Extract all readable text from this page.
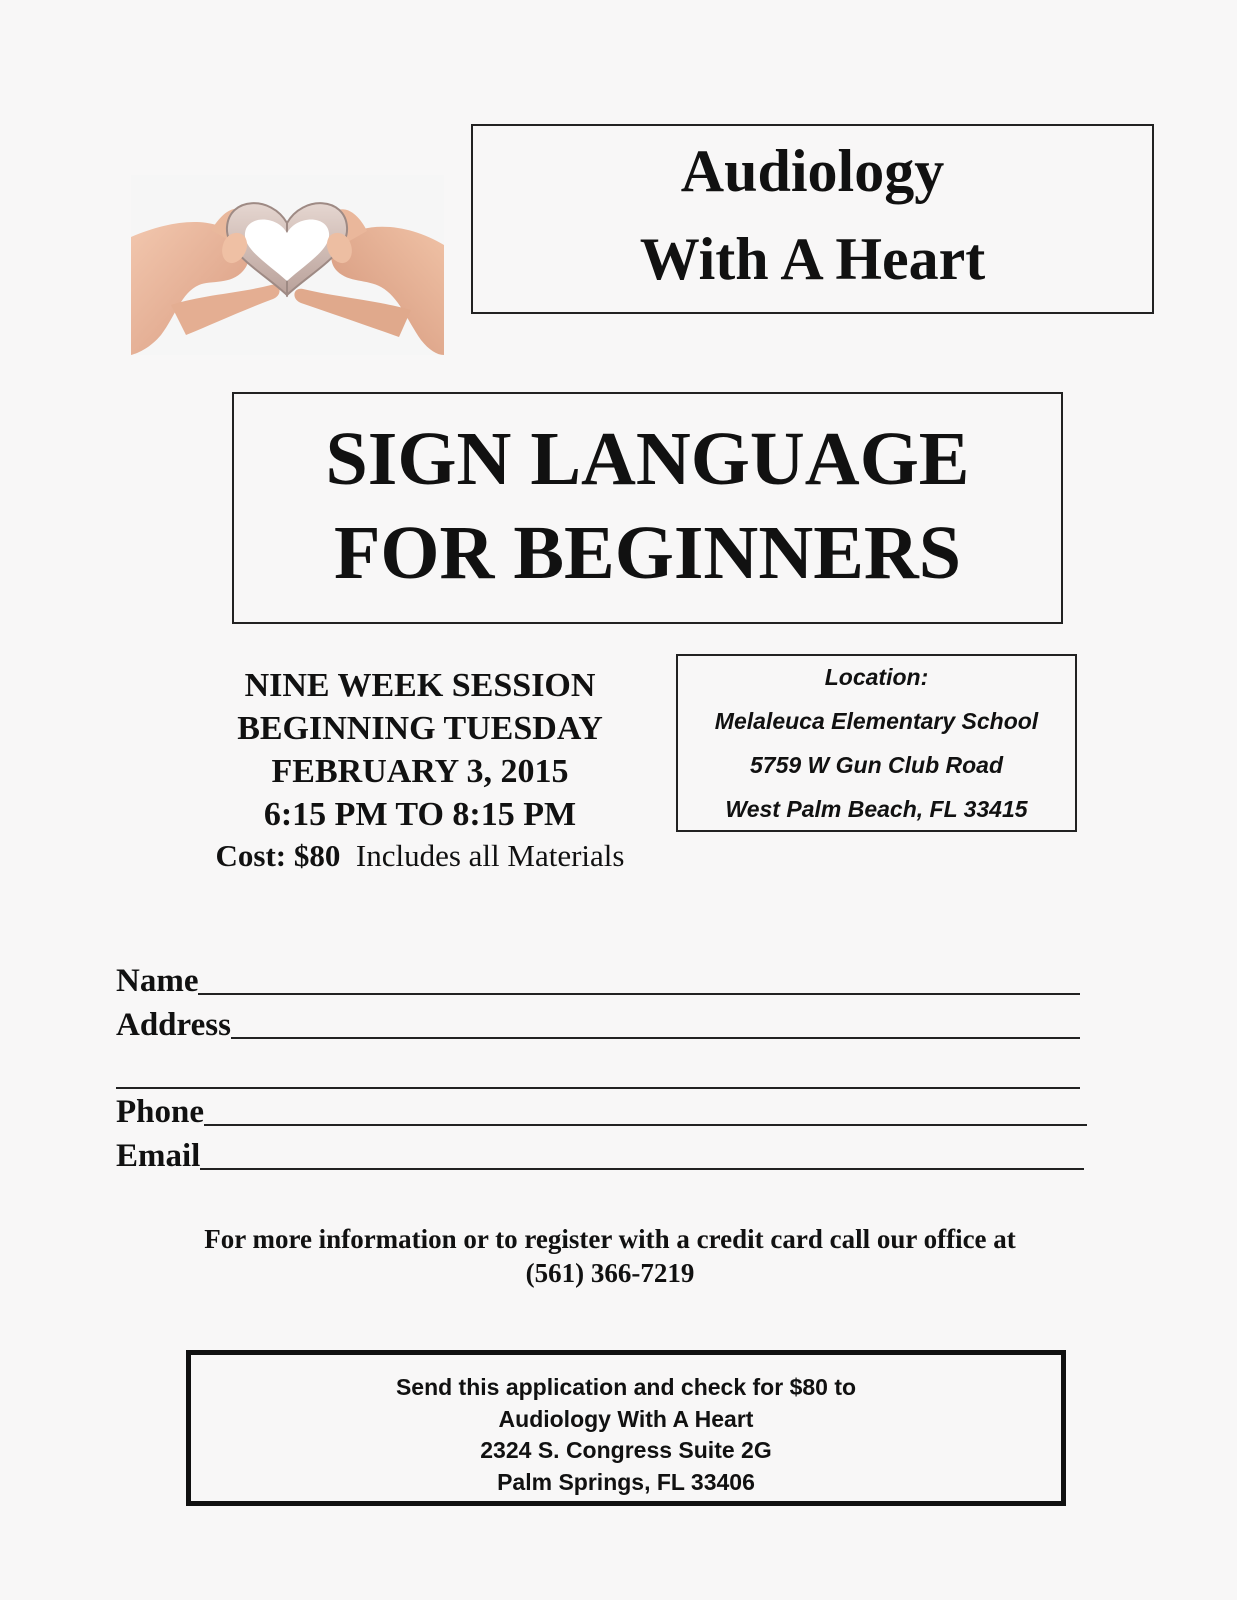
Audiology
With A Heart
SIGN LANGUAGE
FOR BEGINNERS
NINE WEEK SESSION
BEGINNING TUESDAY
FEBRUARY 3, 2015
6:15 PM TO 8:15 PM
Cost: $80 Includes all Materials
Location:
Melaleuca Elementary School
5759 W Gun Club Road
West Palm Beach, FL 33415
Name
Address
Phone
Email
For more information or to register with a credit card call our office at
(561) 366-7219
Send this application and check for $80 to
Audiology With A Heart
2324 S. Congress Suite 2G
Palm Springs, FL 33406
